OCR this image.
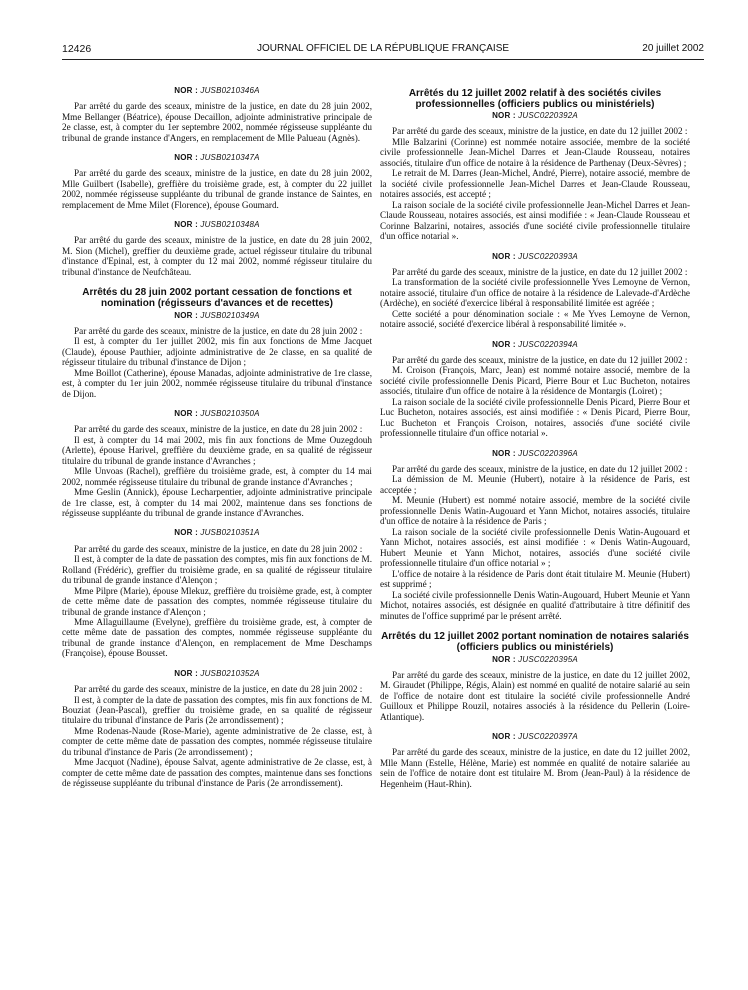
12426	JOURNAL OFFICIEL DE LA RÉPUBLIQUE FRANÇAISE	20 juillet 2002
NOR : JUSB0210346A

Par arrêté du garde des sceaux, ministre de la justice, en date du 28 juin 2002, Mme Bellanger (Béatrice), épouse Decaillon, adjointe administrative principale de 2e classe, est, à compter du 1er septembre 2002, nommée régisseuse suppléante du tribunal de grande instance d'Angers, en remplacement de Mlle Palueau (Agnès).

NOR : JUSB0210347A

Par arrêté du garde des sceaux, ministre de la justice, en date du 28 juin 2002, Mlle Guilbert (Isabelle), greffière du troisième grade, est, à compter du 22 juillet 2002, nommée régisseuse suppléante du tribunal de grande instance de Saintes, en remplacement de Mme Milet (Florence), épouse Goumard.

NOR : JUSB0210348A

Par arrêté du garde des sceaux, ministre de la justice, en date du 28 juin 2002, M. Sion (Michel), greffier du deuxième grade, actuel régisseur titulaire du tribunal d'instance d'Epinal, est, à compter du 12 mai 2002, nommé régisseur titulaire du tribunal d'instance de Neufchâteau.

Arrêtés du 28 juin 2002 portant cessation de fonctions et nomination (régisseurs d'avances et de recettes)
NOR : JUSB0210349A

Par arrêté du garde des sceaux, ministre de la justice, en date du 28 juin 2002 :

Il est, à compter du 1er juillet 2002, mis fin aux fonctions de Mme Jacquet (Claude), épouse Pauthier, adjointe administrative de 2e classe, en sa qualité de régisseur titulaire du tribunal d'instance de Dijon ;

Mme Boillot (Catherine), épouse Manadas, adjointe administrative de 1re classe, est, à compter du 1er juin 2002, nommée régisseuse titulaire du tribunal d'instance de Dijon.

NOR : JUSB0210350A

Par arrêté du garde des sceaux, ministre de la justice, en date du 28 juin 2002 :

Il est, à compter du 14 mai 2002, mis fin aux fonctions de Mme Ouzegdouh (Arlette), épouse Harivel, greffière du deuxième grade, en sa qualité de régisseur titulaire du tribunal de grande instance d'Avranches ;

Mlle Unvoas (Rachel), greffière du troisième grade, est, à compter du 14 mai 2002, nommée régisseuse titulaire du tribunal de grande instance d'Avranches ;

Mme Geslin (Annick), épouse Lecharpentier, adjointe administrative principale de 1re classe, est, à compter du 14 mai 2002, maintenue dans ses fonctions de régisseuse suppléante du tribunal de grande instance d'Avranches.

NOR : JUSB0210351A

Par arrêté du garde des sceaux, ministre de la justice, en date du 28 juin 2002 :

Il est, à compter de la date de passation des comptes, mis fin aux fonctions de M. Rolland (Frédéric), greffier du troisième grade, en sa qualité de régisseur titulaire du tribunal de grande instance d'Alençon ;

Mme Pilpre (Marie), épouse Mlekuz, greffière du troisième grade, est, à compter de cette même date de passation des comptes, nommée régisseuse titulaire du tribunal de grande instance d'Alençon ;

Mme Allaguillaume (Evelyne), greffière du troisième grade, est, à compter de cette même date de passation des comptes, nommée régisseuse suppléante du tribunal de grande instance d'Alençon, en remplacement de Mme Deschamps (Françoise), épouse Bousset.

NOR : JUSB0210352A

Par arrêté du garde des sceaux, ministre de la justice, en date du 28 juin 2002 :

Il est, à compter de la date de passation des comptes, mis fin aux fonctions de M. Bouziat (Jean-Pascal), greffier du troisième grade, en sa qualité de régisseur titulaire du tribunal d'instance de Paris (2e arrondissement) ;

Mme Rodenas-Naude (Rose-Marie), agente administrative de 2e classe, est, à compter de cette même date de passation des comptes, nommée régisseuse titulaire du tribunal d'instance de Paris (2e arrondissement) ;

Mme Jacquot (Nadine), épouse Salvat, agente administrative de 2e classe, est, à compter de cette même date de passation des comptes, maintenue dans ses fonctions de régisseuse suppléante du tribunal d'instance de Paris (2e arrondissement).

Arrêtés du 12 juillet 2002 relatif à des sociétés civiles professionnelles (officiers publics ou ministériels)
NOR : JUSC0220392A

Par arrêté du garde des sceaux, ministre de la justice, en date du 12 juillet 2002 :

Mlle Balzarini (Corinne) est nommée notaire associée, membre de la société civile professionnelle Jean-Michel Darres et Jean-Claude Rousseau, notaires associés, titulaire d'un office de notaire à la résidence de Parthenay (Deux-Sèvres) ;

Le retrait de M. Darres (Jean-Michel, André, Pierre), notaire associé, membre de la société civile professionnelle Jean-Michel Darres et Jean-Claude Rousseau, notaires associés, est accepté ;

La raison sociale de la société civile professionnelle Jean-Michel Darres et Jean-Claude Rousseau, notaires associés, est ainsi modifiée : « Jean-Claude Rousseau et Corinne Balzarini, notaires, associés d'une société civile professionnelle titulaire d'un office notarial ».

NOR : JUSC0220393A

Par arrêté du garde des sceaux, ministre de la justice, en date du 12 juillet 2002 :

La transformation de la société civile professionnelle Yves Lemoyne de Vernon, notaire associé, titulaire d'un office de notaire à la résidence de Lalevade-d'Ardèche (Ardèche), en société d'exercice libéral à responsabilité limitée est agréée ;

Cette société a pour dénomination sociale : « Me Yves Lemoyne de Vernon, notaire associé, société d'exercice libéral à responsabilité limitée ».

NOR : JUSC0220394A

Par arrêté du garde des sceaux, ministre de la justice, en date du 12 juillet 2002 :

M. Croison (François, Marc, Jean) est nommé notaire associé, membre de la société civile professionnelle Denis Picard, Pierre Bour et Luc Bucheton, notaires associés, titulaire d'un office de notaire à la résidence de Montargis (Loiret) ;

La raison sociale de la société civile professionnelle Denis Picard, Pierre Bour et Luc Bucheton, notaires associés, est ainsi modifiée : « Denis Picard, Pierre Bour, Luc Bucheton et François Croison, notaires, associés d'une société civile professionnelle titulaire d'un office notarial ».

NOR : JUSC0220396A

Par arrêté du garde des sceaux, ministre de la justice, en date du 12 juillet 2002 :

La démission de M. Meunie (Hubert), notaire à la résidence de Paris, est acceptée ;

M. Meunie (Hubert) est nommé notaire associé, membre de la société civile professionnelle Denis Watin-Augouard et Yann Michot, notaires associés, titulaire d'un office de notaire à la résidence de Paris ;

La raison sociale de la société civile professionnelle Denis Watin-Augouard et Yann Michot, notaires associés, est ainsi modifiée : « Denis Watin-Augouard, Hubert Meunie et Yann Michot, notaires, associés d'une société civile professionnelle titulaire d'un office notarial » ;

L'office de notaire à la résidence de Paris dont était titulaire M. Meunie (Hubert) est supprimé ;

La société civile professionnelle Denis Watin-Augouard, Hubert Meunie et Yann Michot, notaires associés, est désignée en qualité d'attributaire à titre définitif des minutes de l'office supprimé par le présent arrêté.

Arrêtés du 12 juillet 2002 portant nomination de notaires salariés (officiers publics ou ministériels)
NOR : JUSC0220395A

Par arrêté du garde des sceaux, ministre de la justice, en date du 12 juillet 2002, M. Giraudet (Philippe, Régis, Alain) est nommé en qualité de notaire salarié au sein de l'office de notaire dont est titulaire la société civile professionnelle André Guilloux et Philippe Rouzil, notaires associés à la résidence du Pellerin (Loire-Atlantique).

NOR : JUSC0220397A

Par arrêté du garde des sceaux, ministre de la justice, en date du 12 juillet 2002, Mlle Mann (Estelle, Hélène, Marie) est nommée en qualité de notaire salariée au sein de l'office de notaire dont est titulaire M. Brom (Jean-Paul) à la résidence de Hegenheim (Haut-Rhin).
